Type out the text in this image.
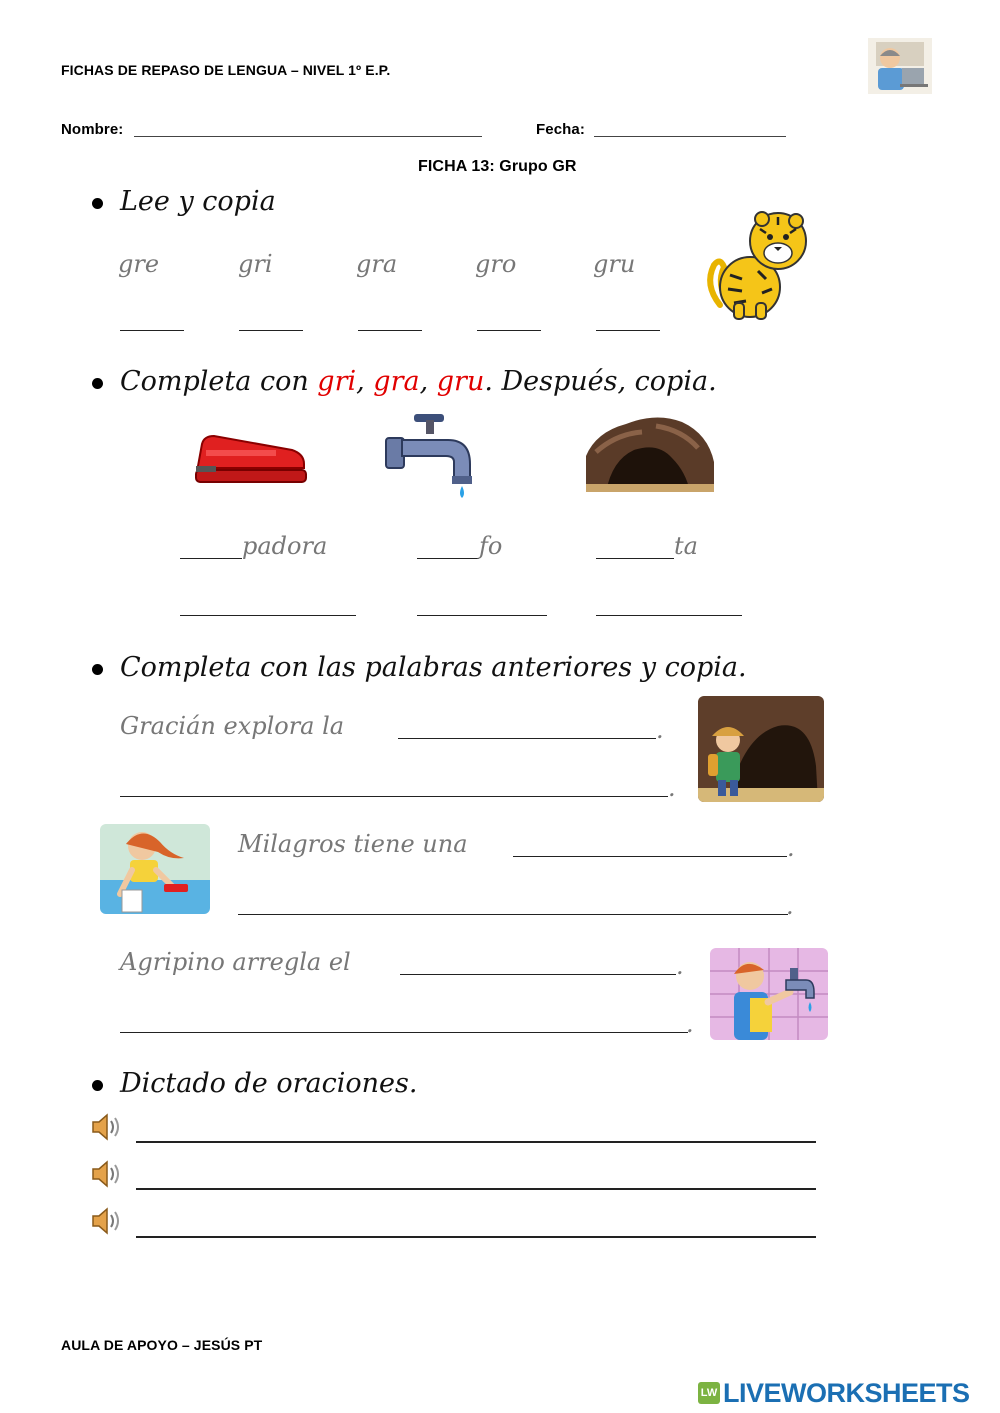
FICHAS DE REPASO DE LENGUA – NIVEL 1º E.P.
Nombre:	Fecha:
FICHA 13: Grupo GR
Lee y copia
gre	gri	gra	gro	gru
Completa con gri, gra, gru. Después, copia.
padora	fo	ta
Completa con las palabras anteriores y copia.
Gracián explora la	.
.
Milagros tiene una	.
.
Agripino arregla el	.
.
Dictado de oraciones.
AULA DE APOYO – JESÚS PT
LW LIVEWORKSHEETS
